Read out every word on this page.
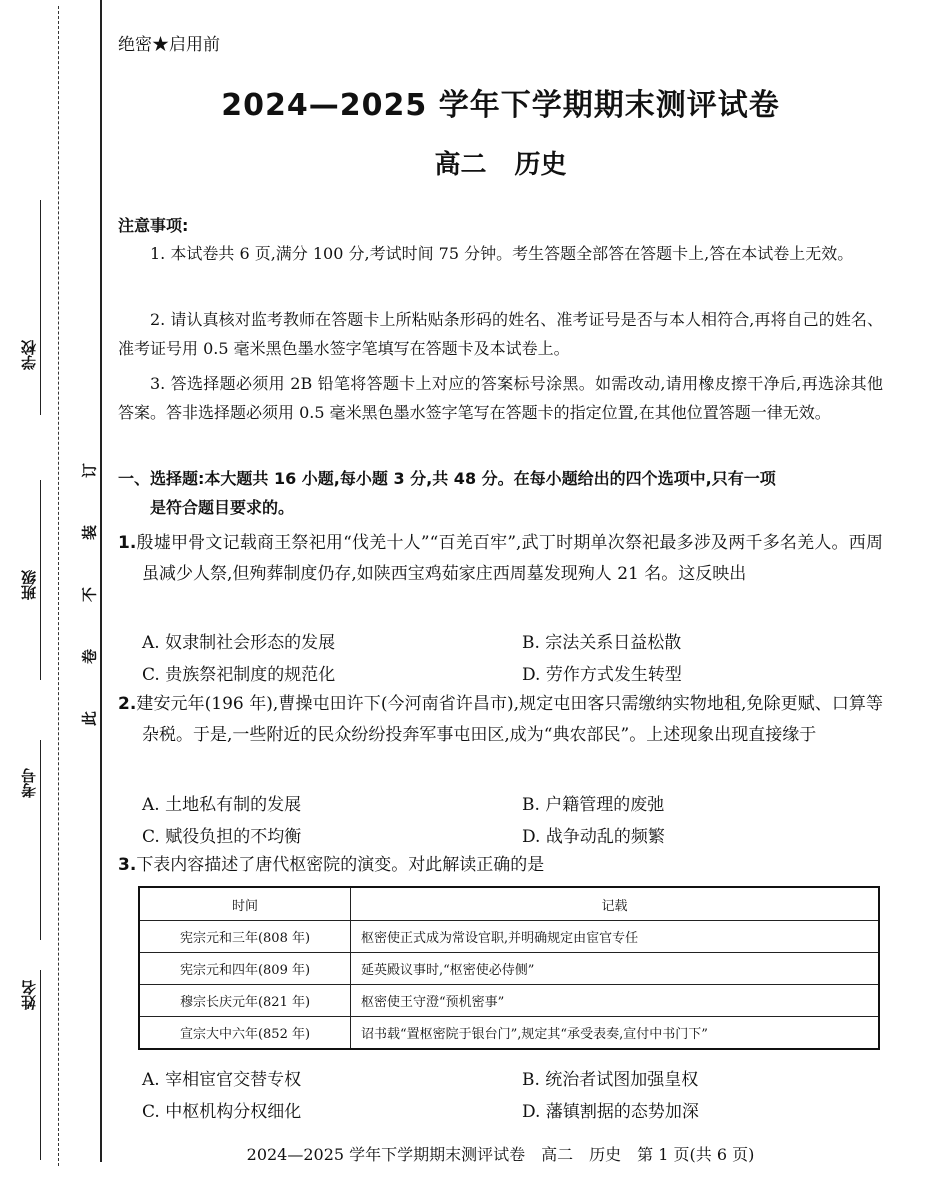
学校
班级
考号
姓名
订
装
不
卷
此
绝密★启用前
2024—2025 学年下学期期末测评试卷
高二 历史
注意事项:
1. 本试卷共 6 页,满分 100 分,考试时间 75 分钟。考生答题全部答在答题卡上,答在本试卷上无效。
2. 请认真核对监考教师在答题卡上所粘贴条形码的姓名、准考证号是否与本人相符合,再将自己的姓名、准考证号用 0.5 毫米黑色墨水签字笔填写在答题卡及本试卷上。
3. 答选择题必须用 2B 铅笔将答题卡上对应的答案标号涂黑。如需改动,请用橡皮擦干净后,再选涂其他答案。答非选择题必须用 0.5 毫米黑色墨水签字笔写在答题卡的指定位置,在其他位置答题一律无效。
一、选择题:本大题共 16 小题,每小题 3 分,共 48 分。在每小题给出的四个选项中,只有一项
是符合题目要求的。
1.殷墟甲骨文记载商王祭祀用“伐羌十人”“百羌百牢”,武丁时期单次祭祀最多涉及两千多名羌人。西周虽减少人祭,但殉葬制度仍存,如陕西宝鸡茹家庄西周墓发现殉人 21 名。这反映出
A. 奴隶制社会形态的发展	B. 宗法关系日益松散
C. 贵族祭祀制度的规范化	D. 劳作方式发生转型
2.建安元年(196 年),曹操屯田许下(今河南省许昌市),规定屯田客只需缴纳实物地租,免除更赋、口算等杂税。于是,一些附近的民众纷纷投奔军事屯田区,成为“典农部民”。上述现象出现直接缘于
A. 土地私有制的发展	B. 户籍管理的废弛
C. 赋役负担的不均衡	D. 战争动乱的频繁
3.下表内容描述了唐代枢密院的演变。对此解读正确的是
时间	记载
宪宗元和三年(808 年)	枢密使正式成为常设官职,并明确规定由宦官专任
宪宗元和四年(809 年)	延英殿议事时,“枢密使必侍侧”
穆宗长庆元年(821 年)	枢密使王守澄“预机密事”
宣宗大中六年(852 年)	诏书载“置枢密院于银台门”,规定其“承受表奏,宣付中书门下”
A. 宰相宦官交替专权	B. 统治者试图加强皇权
C. 中枢机构分权细化	D. 藩镇割据的态势加深
2024—2025 学年下学期期末测评试卷　高二　历史　第 1 页(共 6 页)
